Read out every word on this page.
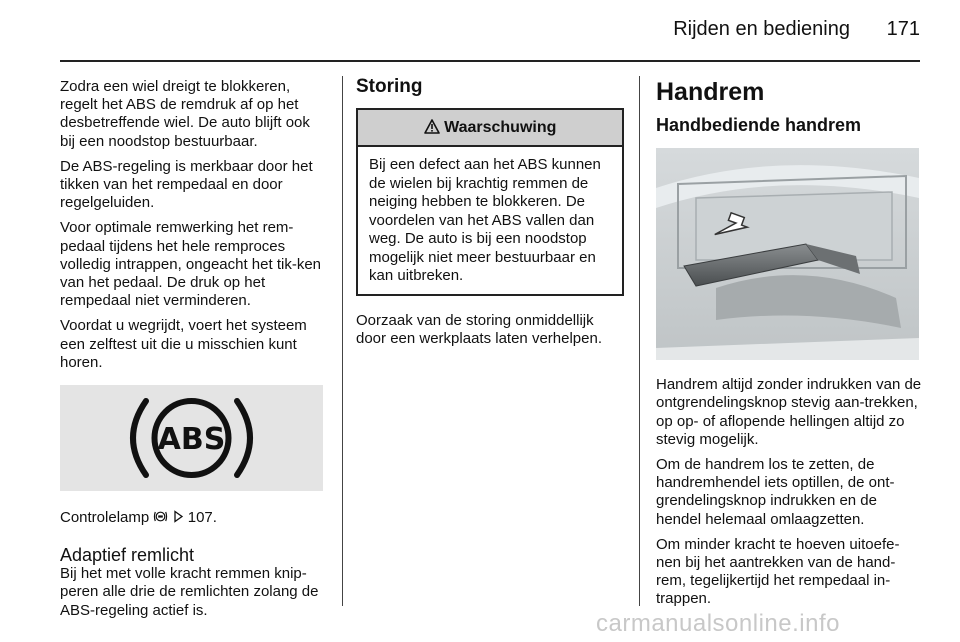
Rijden en bediening	171

Zodra een wiel dreigt te blokkeren, regelt het ABS de remdruk af op het desbetreffende wiel. De auto blijft ook bij een noodstop bestuurbaar.

De ABS-regeling is merkbaar door het tikken van het rempedaal en door regelgeluiden.

Voor optimale remwerking het rem-pedaal tijdens het hele remproces volledig intrappen, ongeacht het tik-ken van het pedaal. De druk op het rempedaal niet verminderen.

Voordat u wegrijdt, voert het systeem een zelftest uit die u misschien kunt horen.

ABS

Controlelamp	107.

Adaptief remlicht

Bij het met volle kracht remmen knip-peren alle drie de remlichten zolang de ABS-regeling actief is.

Storing
Waarschuwing
Bij een defect aan het ABS kunnen de wielen bij krachtig remmen de neiging hebben te blokkeren. De voordelen van het ABS vallen dan weg. De auto is bij een noodstop mogelijk niet meer bestuurbaar en kan uitbreken.

Oorzaak van de storing onmiddellijk door een werkplaats laten verhelpen.

Handrem
Handbediende handrem

Handrem altijd zonder indrukken van de ontgrendelingsknop stevig aan-trekken, op op- of aflopende hellingen altijd zo stevig mogelijk.

Om de handrem los te zetten, de handremhendel iets optillen, de ont-grendelingsknop indrukken en de hendel helemaal omlaagzetten.

Om minder kracht te hoeven uitoefe-nen bij het aantrekken van de hand-rem, tegelijkertijd het rempedaal in-trappen.

carmanualsonline.info
